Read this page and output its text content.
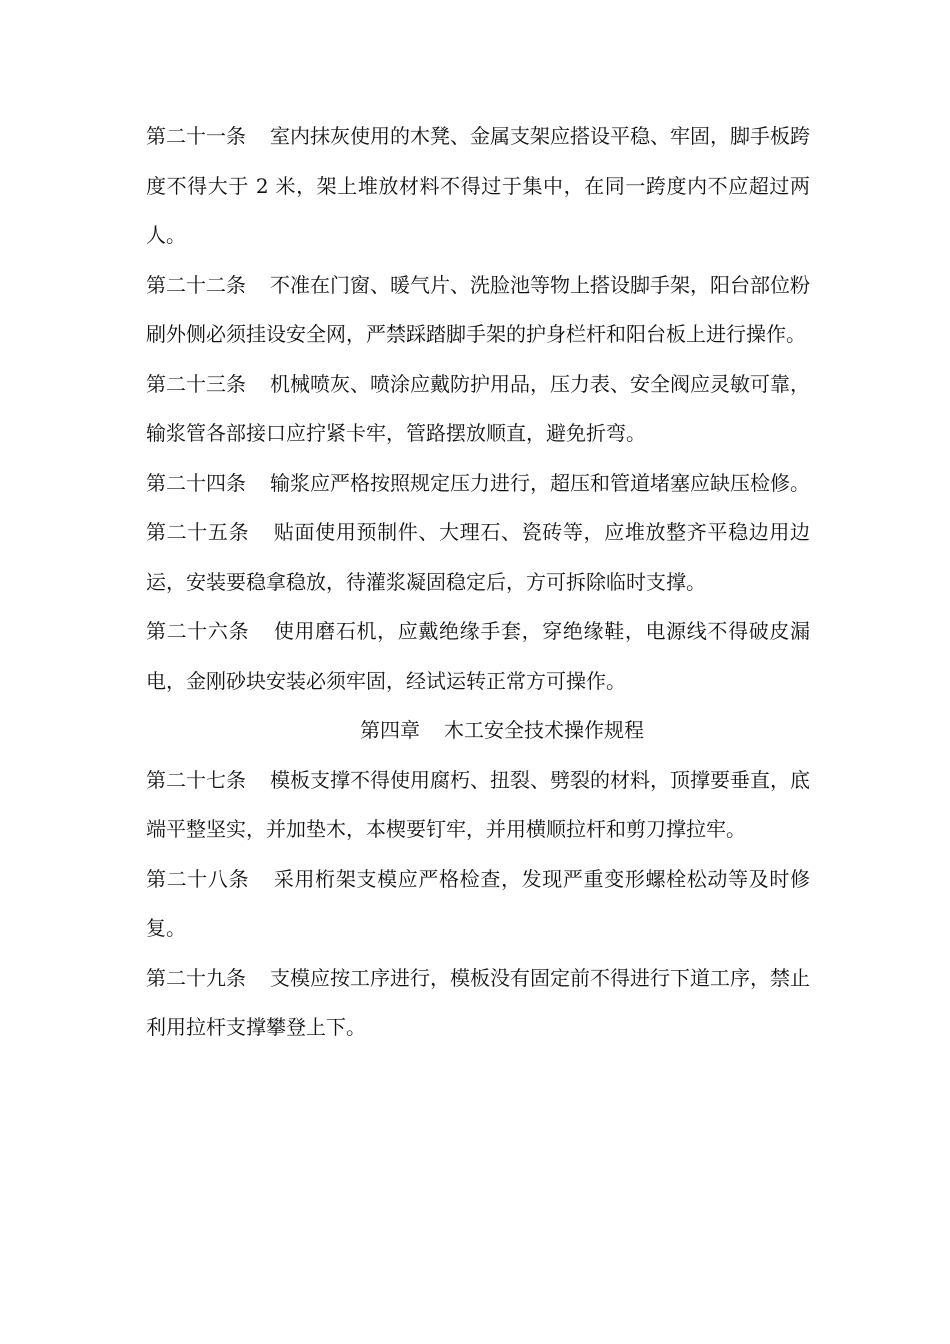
第二十一条 室内抹灰使用的木凳、金属支架应搭设平稳、牢固，脚手板跨度不得大于 2 米，架上堆放材料不得过于集中，在同一跨度内不应超过两人。

第二十二条 不准在门窗、暖气片、洗脸池等物上搭设脚手架，阳台部位粉刷外侧必须挂设安全网，严禁踩踏脚手架的护身栏杆和阳台板上进行操作。

第二十三条 机械喷灰、喷涂应戴防护用品，压力表、安全阀应灵敏可靠，输浆管各部接口应拧紧卡牢，管路摆放顺直，避免折弯。

第二十四条 输浆应严格按照规定压力进行，超压和管道堵塞应缺压检修。

第二十五条 贴面使用预制件、大理石、瓷砖等，应堆放整齐平稳边用边运，安装要稳拿稳放，待灌浆凝固稳定后，方可拆除临时支撑。

第二十六条 使用磨石机，应戴绝缘手套，穿绝缘鞋，电源线不得破皮漏电，金刚砂块安装必须牢固，经试运转正常方可操作。

第四章 木工安全技术操作规程

第二十七条 模板支撑不得使用腐朽、扭裂、劈裂的材料，顶撑要垂直，底端平整坚实，并加垫木，本楔要钉牢，并用横顺拉杆和剪刀撑拉牢。

第二十八条 采用桁架支模应严格检查，发现严重变形螺栓松动等及时修复。

第二十九条 支模应按工序进行，模板没有固定前不得进行下道工序，禁止利用拉杆支撑攀登上下。
